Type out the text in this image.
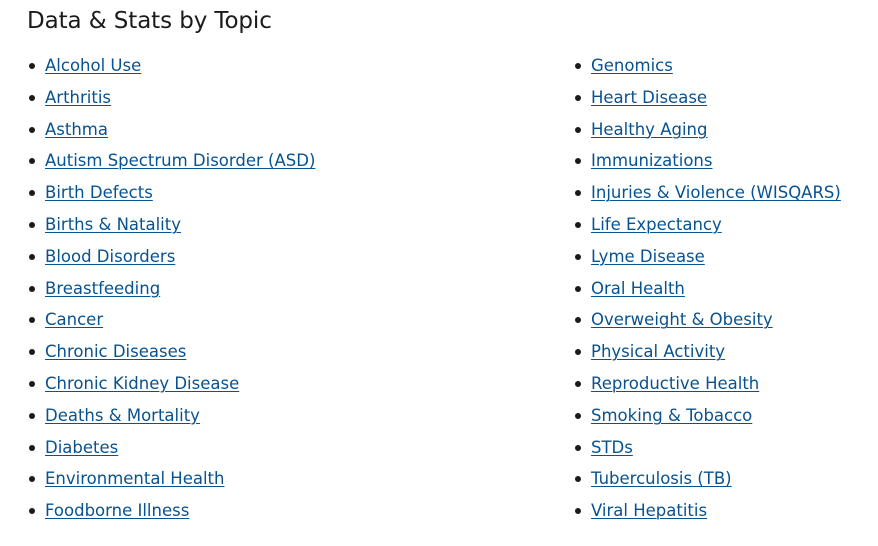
Data & Stats by Topic
Alcohol Use
Arthritis
Asthma
Autism Spectrum Disorder (ASD)
Birth Defects
Births & Natality
Blood Disorders
Breastfeeding
Cancer
Chronic Diseases
Chronic Kidney Disease
Deaths & Mortality
Diabetes
Environmental Health
Foodborne Illness
Genomics
Heart Disease
Healthy Aging
Immunizations
Injuries & Violence (WISQARS)
Life Expectancy
Lyme Disease
Oral Health
Overweight & Obesity
Physical Activity
Reproductive Health
Smoking & Tobacco
STDs
Tuberculosis (TB)
Viral Hepatitis
